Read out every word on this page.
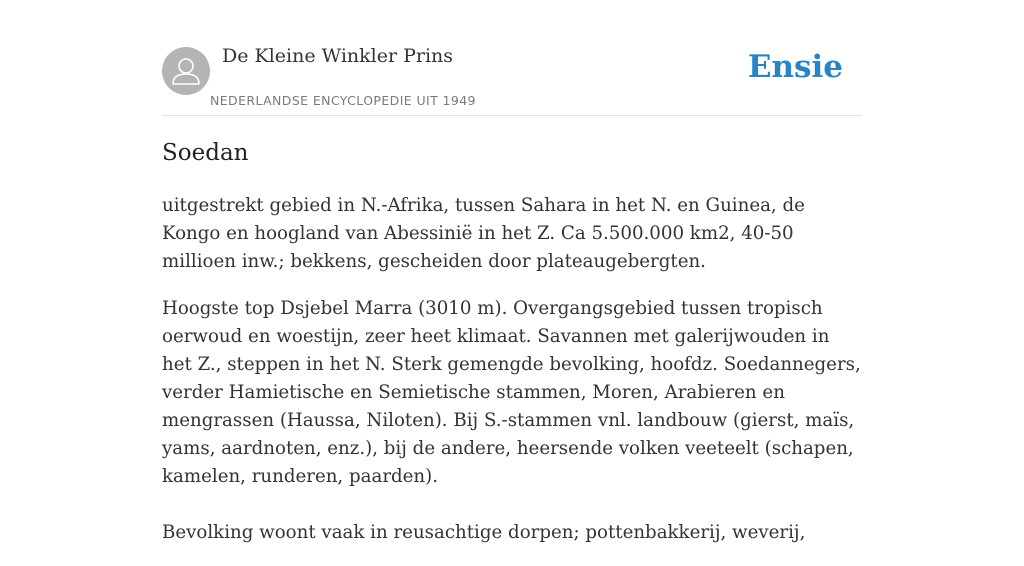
De Kleine Winkler Prins
NEDERLANDSE ENCYCLOPEDIE UIT 1949
Ensie
Soedan

uitgestrekt gebied in N.-Afrika, tussen Sahara in het N. en Guinea, de Kongo en hoogland van Abessinië in het Z. Ca 5.500.000 km2, 40-50 millioen inw.; bekkens, gescheiden door plateaugebergten.

Hoogste top Dsjebel Marra (3010 m). Overgangsgebied tussen tropisch oerwoud en woestijn, zeer heet klimaat. Savannen met galerijwouden in het Z., steppen in het N. Sterk gemengde bevolking, hoofdz. Soedannegers, verder Hamietische en Semietische stammen, Moren, Arabieren en mengrassen (Haussa, Niloten). Bij S.-stammen vnl. landbouw (gierst, maïs, yams, aardnoten, enz.), bij de andere, heersende volken veeteelt (schapen, kamelen, runderen, paarden).

Bevolking woont vaak in reusachtige dorpen; pottenbakkerij, weverij,
